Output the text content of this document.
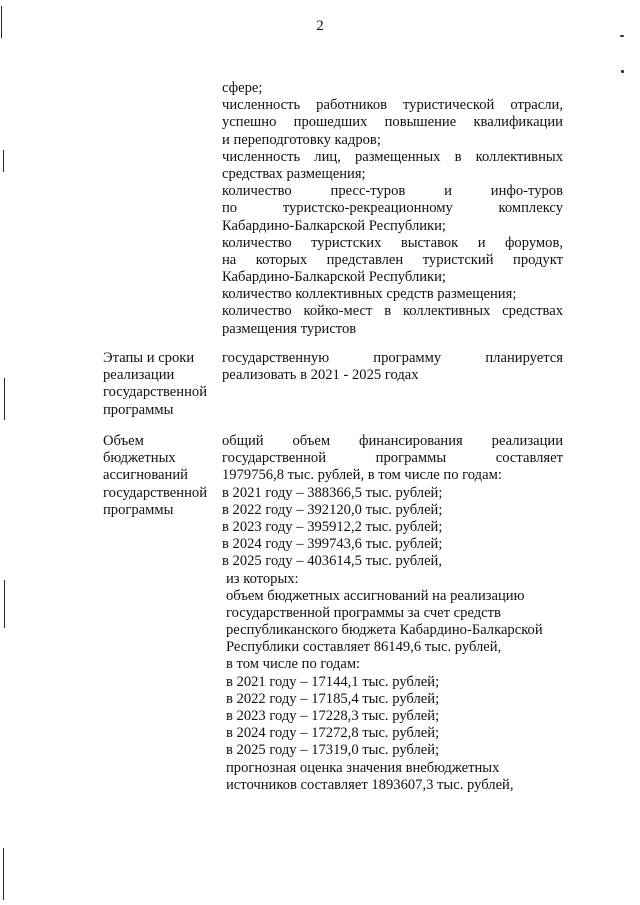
2
сфере;
численность работников туристической отрасли,
успешно прошедших повышение квалификации
и переподготовку кадров;
численность лиц, размещенных в коллективных
средствах размещения;
количество пресс-туров и инфо-туров
по туристско-рекреационному комплексу
Кабардино-Балкарской Республики;
количество туристских выставок и форумов,
на которых представлен туристский продукт
Кабардино-Балкарской Республики;
количество коллективных средств размещения;
количество койко-мест в коллективных средствах
размещения туристов
Этапы и сроки
реализации
государственной
программы
государственную программу планируется
реализовать в 2021 - 2025 годах
Объем
бюджетных
ассигнований
государственной
программы
общий объем финансирования реализации
государственной программы составляет
1979756,8 тыс. рублей, в том числе по годам:
в 2021 году – 388366,5 тыс. рублей;
в 2022 году – 392120,0 тыс. рублей;
в 2023 году – 395912,2 тыс. рублей;
в 2024 году – 399743,6 тыс. рублей;
в 2025 году – 403614,5 тыс. рублей,
из которых:
объем бюджетных ассигнований на реализацию
государственной программы за счет средств
республиканского бюджета Кабардино-Балкарской
Республики составляет 86149,6 тыс. рублей,
в том числе по годам:
в 2021 году – 17144,1 тыс. рублей;
в 2022 году – 17185,4 тыс. рублей;
в 2023 году – 17228,3 тыс. рублей;
в 2024 году – 17272,8 тыс. рублей;
в 2025 году – 17319,0 тыс. рублей;
прогнозная оценка значения внебюджетных
источников составляет 1893607,3 тыс. рублей,
